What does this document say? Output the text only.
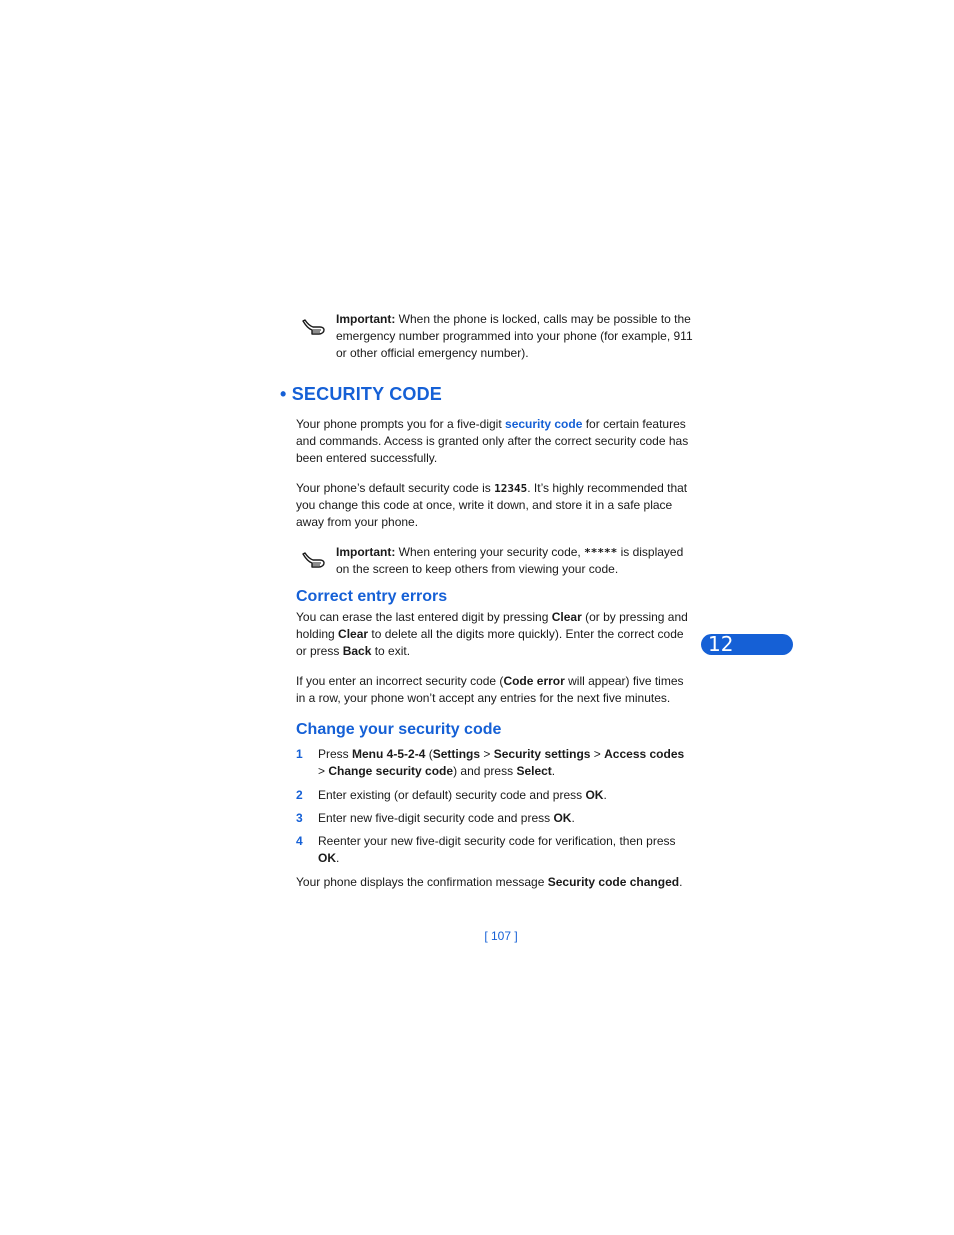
Important: When the phone is locked, calls may be possible to the emergency number programmed into your phone (for example, 911 or other official emergency number).
• SECURITY CODE
Your phone prompts you for a five-digit security code for certain features and commands. Access is granted only after the correct security code has been entered successfully.
Your phone’s default security code is 12345. It’s highly recommended that you change this code at once, write it down, and store it in a safe place away from your phone.
Important: When entering your security code, ***** is displayed on the screen to keep others from viewing your code.
Correct entry errors
You can erase the last entered digit by pressing Clear (or by pressing and holding Clear to delete all the digits more quickly). Enter the correct code or press Back to exit.
If you enter an incorrect security code (Code error will appear) five times in a row, your phone won’t accept any entries for the next five minutes.
12
Change your security code
1 Press Menu 4-5-2-4 (Settings > Security settings > Access codes > Change security code) and press Select.
2 Enter existing (or default) security code and press OK.
3 Enter new five-digit security code and press OK.
4 Reenter your new five-digit security code for verification, then press OK.
Your phone displays the confirmation message Security code changed.
[ 107 ]
